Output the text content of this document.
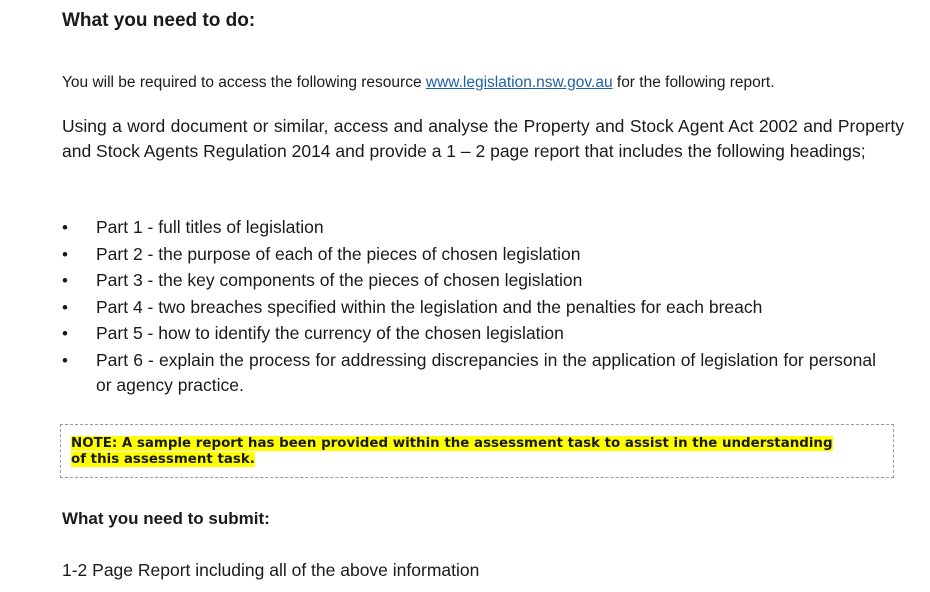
What you need to do:

You will be required to access the following resource www.legislation.nsw.gov.au for the following report.

Using a word document or similar, access and analyse the Property and Stock Agent Act 2002 and Property and Stock Agents Regulation 2014 and provide a 1 – 2 page report that includes the following headings;

• Part 1 - full titles of legislation
• Part 2 - the purpose of each of the pieces of chosen legislation
• Part 3 - the key components of the pieces of chosen legislation
• Part 4 - two breaches specified within the legislation and the penalties for each breach
• Part 5 - how to identify the currency of the chosen legislation
• Part 6 - explain the process for addressing discrepancies in the application of legislation for personal or agency practice.

NOTE: A sample report has been provided within the assessment task to assist in the understanding
of this assessment task.

What you need to submit:

1-2 Page Report including all of the above information
